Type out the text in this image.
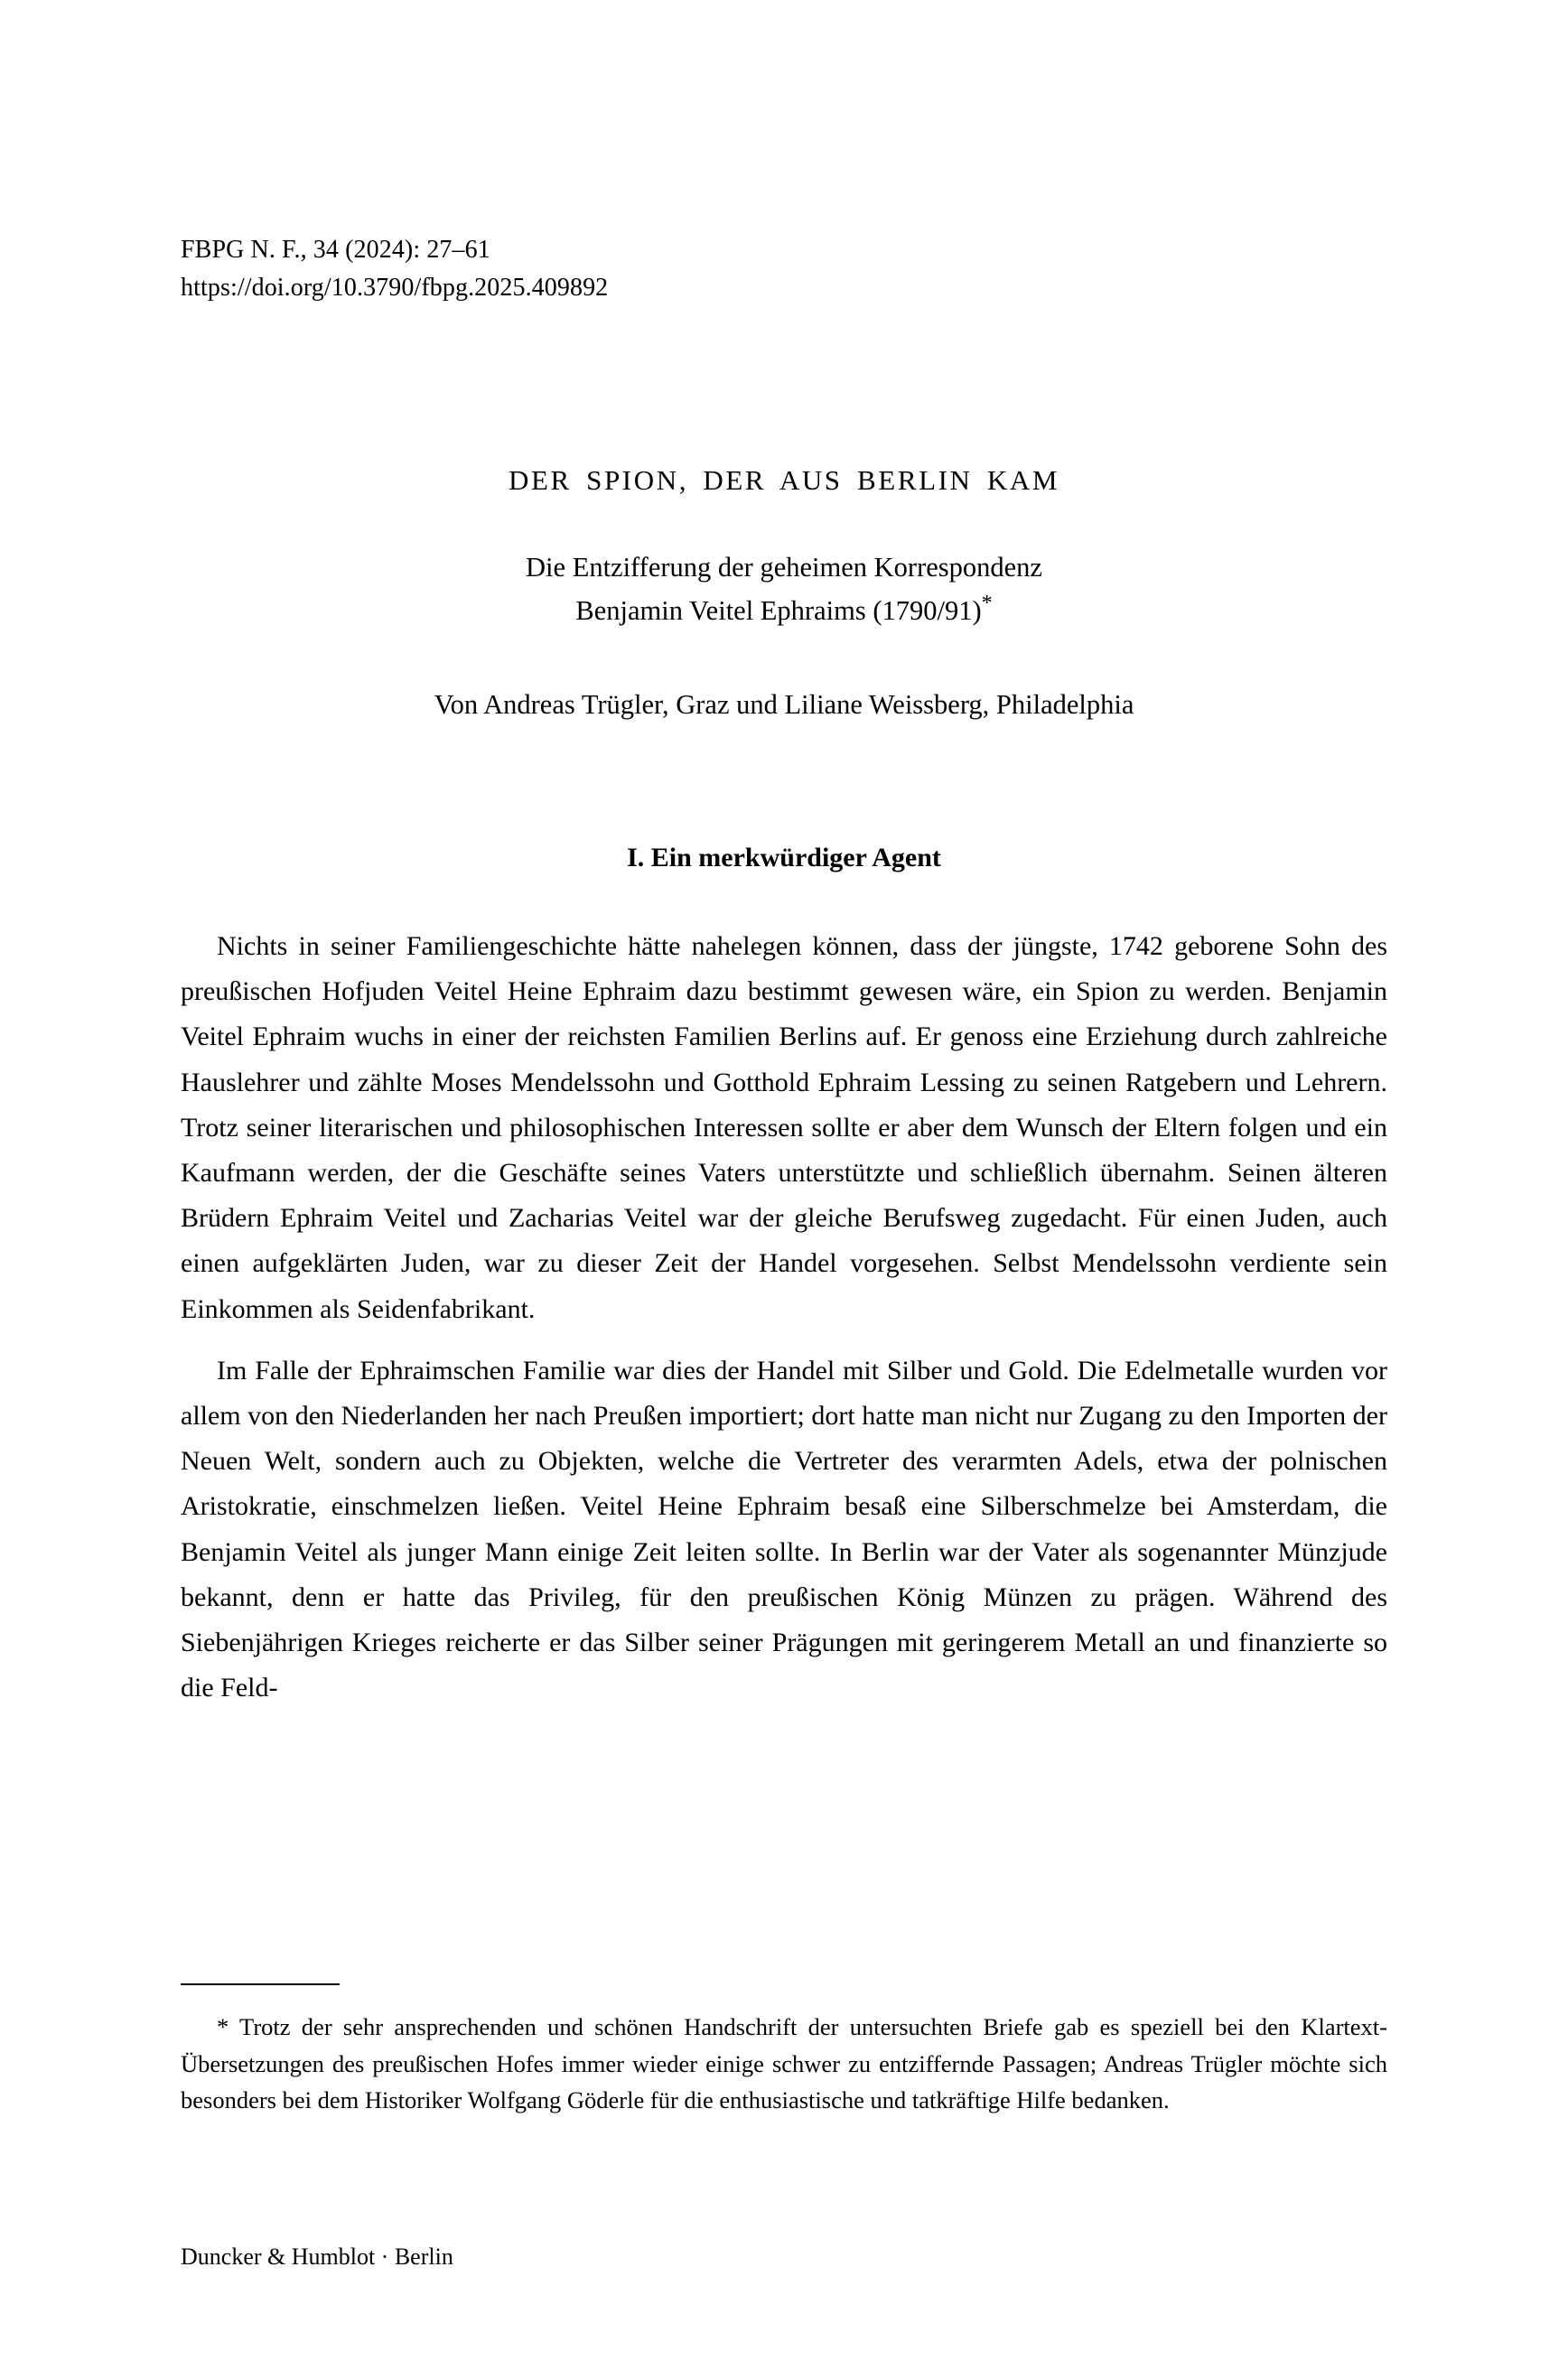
FBPG N. F., 34 (2024): 27–61
https://doi.org/10.3790/fbpg.2025.409892
DER SPION, DER AUS BERLIN KAM
Die Entzifferung der geheimen Korrespondenz
Benjamin Veitel Ephraims (1790/91)*
Von Andreas Trügler, Graz und Liliane Weissberg, Philadelphia
I. Ein merkwürdiger Agent

Nichts in seiner Familiengeschichte hätte nahelegen können, dass der jüngste, 1742 geborene Sohn des preußischen Hofjuden Veitel Heine Ephraim dazu bestimmt gewesen wäre, ein Spion zu werden. Benjamin Veitel Ephraim wuchs in einer der reichsten Familien Berlins auf. Er genoss eine Erziehung durch zahlreiche Hauslehrer und zählte Moses Mendelssohn und Gotthold Ephraim Lessing zu seinen Ratgebern und Lehrern. Trotz seiner literarischen und philosophischen Interessen sollte er aber dem Wunsch der Eltern folgen und ein Kaufmann werden, der die Geschäfte seines Vaters unterstützte und schließlich übernahm. Seinen älteren Brüdern Ephraim Veitel und Zacharias Veitel war der gleiche Berufsweg zugedacht. Für einen Juden, auch einen aufgeklärten Juden, war zu dieser Zeit der Handel vorgesehen. Selbst Mendelssohn verdiente sein Einkommen als Seidenfabrikant.

Im Falle der Ephraimschen Familie war dies der Handel mit Silber und Gold. Die Edelmetalle wurden vor allem von den Niederlanden her nach Preußen importiert; dort hatte man nicht nur Zugang zu den Importen der Neuen Welt, sondern auch zu Objekten, welche die Vertreter des verarmten Adels, etwa der polnischen Aristokratie, einschmelzen ließen. Veitel Heine Ephraim besaß eine Silberschmelze bei Amsterdam, die Benjamin Veitel als junger Mann einige Zeit leiten sollte. In Berlin war der Vater als sogenannter Münzjude bekannt, denn er hatte das Privileg, für den preußischen König Münzen zu prägen. Während des Siebenjährigen Krieges reicherte er das Silber seiner Prägungen mit geringerem Metall an und finanzierte so die Feld-

* Trotz der sehr ansprechenden und schönen Handschrift der untersuchten Briefe gab es speziell bei den Klartext-Übersetzungen des preußischen Hofes immer wieder einige schwer zu entziffernde Passagen; Andreas Trügler möchte sich besonders bei dem Historiker Wolfgang Göderle für die enthusiastische und tatkräftige Hilfe bedanken.

Duncker & Humblot · Berlin
